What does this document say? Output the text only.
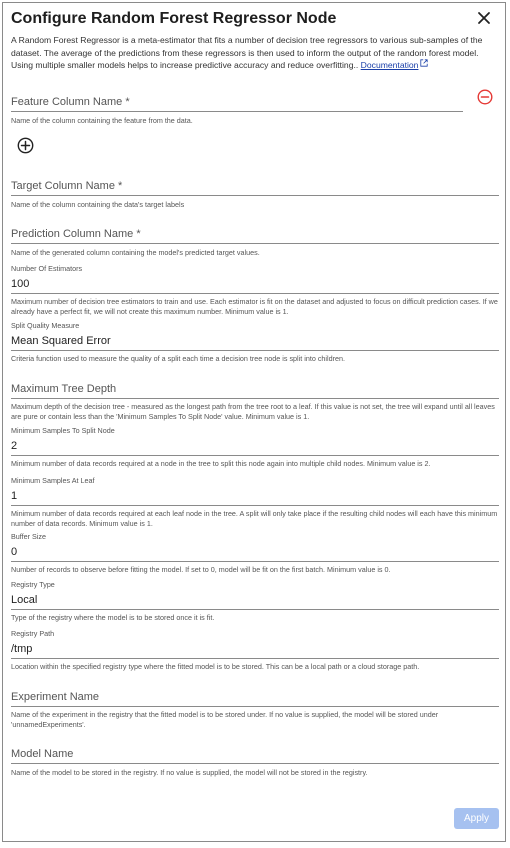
Configure Random Forest Regressor Node
A Random Forest Regressor is a meta-estimator that fits a number of decision tree regressors to various sub-samples of the dataset. The average of the predictions from these regressors is then used to inform the output of the random forest model. Using multiple smaller models helps to increase predictive accuracy and reduce overfitting.. Documentation
Feature Column Name *
Name of the column containing the feature from the data.
Target Column Name *
Name of the column containing the data's target labels
Prediction Column Name *
Name of the generated column containing the model's predicted target values.
Number Of Estimators
100
Maximum number of decision tree estimators to train and use. Each estimator is fit on the dataset and adjusted to focus on difficult prediction cases. If we already have a perfect fit, we will not create this maximum number. Minimum value is 1.
Split Quality Measure
Mean Squared Error
Criteria function used to measure the quality of a split each time a decision tree node is split into children.
Maximum Tree Depth
Maximum depth of the decision tree - measured as the longest path from the tree root to a leaf. If this value is not set, the tree will expand until all leaves are pure or contain less than the 'Minimum Samples To Split Node' value. Minimum value is 1.
Minimum Samples To Split Node
2
Minimum number of data records required at a node in the tree to split this node again into multiple child nodes. Minimum value is 2.
Minimum Samples At Leaf
1
Minimum number of data records required at each leaf node in the tree. A split will only take place if the resulting child nodes will each have this minimum number of data records. Minimum value is 1.
Buffer Size
0
Number of records to observe before fitting the model. If set to 0, model will be fit on the first batch. Minimum value is 0.
Registry Type
Local
Type of the registry where the model is to be stored once it is fit.
Registry Path
/tmp
Location within the specified registry type where the fitted model is to be stored. This can be a local path or a cloud storage path.
Experiment Name
Name of the experiment in the registry that the fitted model is to be stored under. If no value is supplied, the model will be stored under 'unnamedExperiments'.
Model Name
Name of the model to be stored in the registry. If no value is supplied, the model will not be stored in the registry.
Apply
